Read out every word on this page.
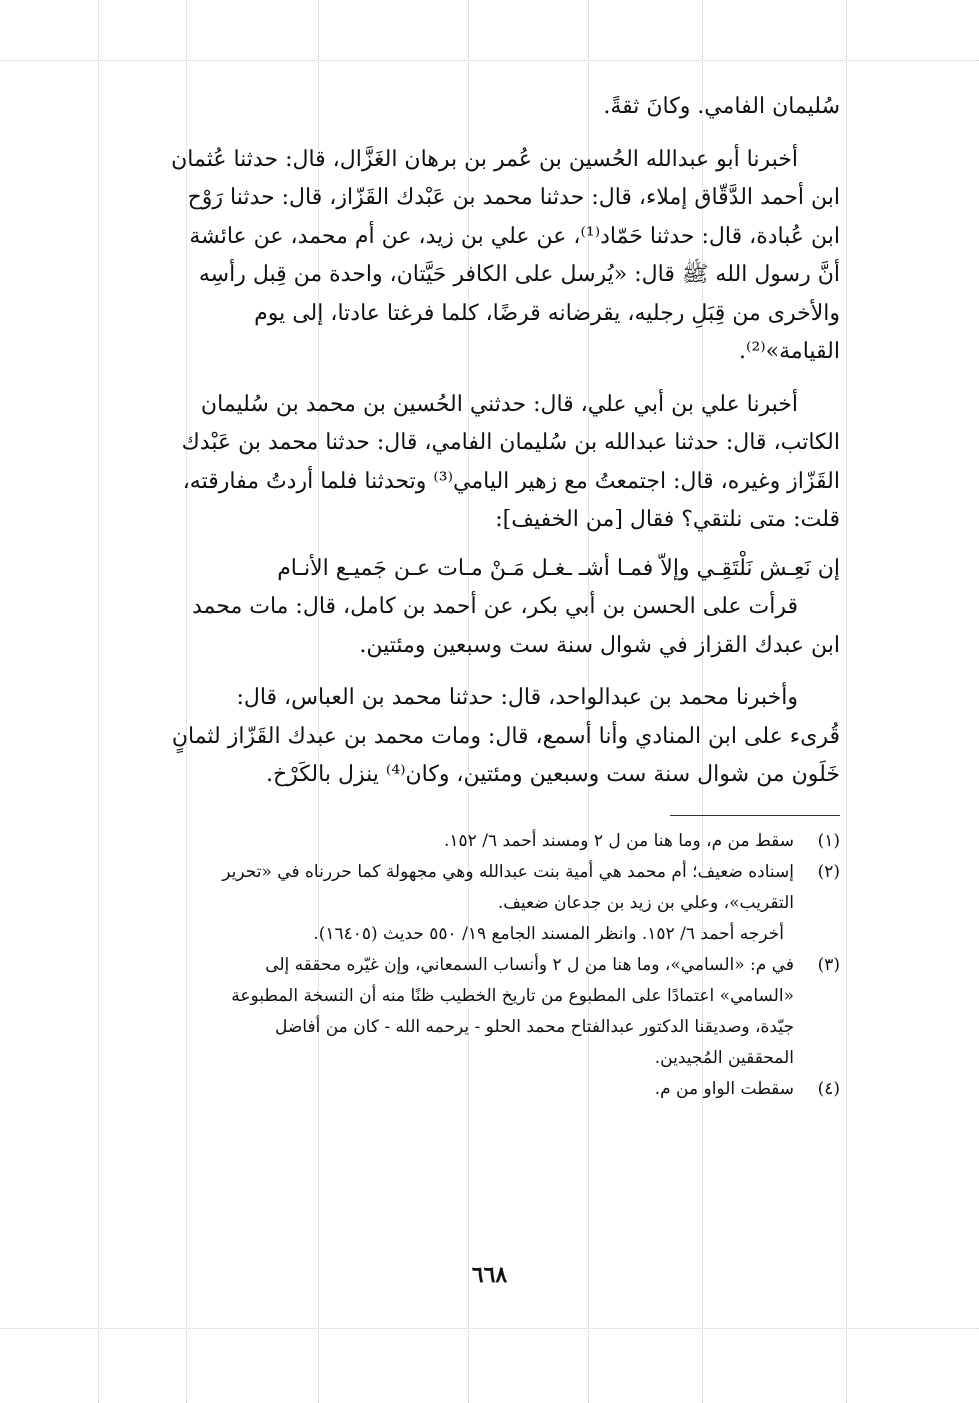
سُليمان الفامي. وكانَ ثقةً.

أخبرنا أبو عبدالله الحُسين بن عُمر بن برهان الغَزَّال، قال: حدثنا عُثمان

ابن أحمد الدَّقّاق إملاء، قال: حدثنا محمد بن عَبْدك القَزّاز، قال: حدثنا رَوْح

ابن عُبادة، قال: حدثنا حَمّاد⁽¹⁾، عن علي بن زيد، عن أم محمد، عن عائشة

أنَّ رسول الله ﷺ قال: «يُرسل على الكافر حَيَّتان، واحدة من قِبل رأسِه

والأخرى من قِبَلِ رجليه، يقرضانه قرضًا، كلما فرغتا عادتا، إلى يوم

القيامة»⁽²⁾.

أخبرنا علي بن أبي علي، قال: حدثني الحُسين بن محمد بن سُليمان

الكاتب، قال: حدثنا عبدالله بن سُليمان الفامي، قال: حدثنا محمد بن عَبْدك

القَزّاز وغيره، قال: اجتمعتُ مع زهير اليامي⁽³⁾ وتحدثنا فلما أردتُ مفارقته،

قلت: متى نلتقي؟ فقال [من الخفيف]:

إن نَعِـش نَلْتَقِـي وإلاّ فمـا أشـ ـغـل مَـنْ مـات عـن جَميـع الأنـام

قرأت على الحسن بن أبي بكر، عن أحمد بن كامل، قال: مات محمد

ابن عبدك القزاز في شوال سنة ست وسبعين ومئتين.

وأخبرنا محمد بن عبدالواحد، قال: حدثنا محمد بن العباس، قال:

قُرىء على ابن المنادي وأنا أسمع، قال: ومات محمد بن عبدك القَزّاز لثمانٍ

خَلَون من شوال سنة ست وسبعين ومئتين، وكان⁽⁴⁾ ينزل بالكَرْخ.

(١)
سقط من م، وما هنا من ل ٢ ومسند أحمد ٦/ ١٥٢.
(٢)
إسناده ضعيف؛ أم محمد هي أمية بنت عبدالله وهي مجهولة كما حررناه في «تحرير
التقريب»، وعلي بن زيد بن جدعان ضعيف.
أخرجه أحمد ٦/ ١٥٢. وانظر المسند الجامع ١٩/ ٥٥٠ حديث (١٦٤٠٥).
(٣)
في م: «السامي»، وما هنا من ل ٢ وأنساب السمعاني، وإن غيّره محققه إلى
«السامي» اعتمادًا على المطبوع من تاريخ الخطيب ظنًا منه أن النسخة المطبوعة
جيّدة، وصديقنا الدكتور عبدالفتاح محمد الحلو - يرحمه الله - كان من أفاضل
المحققين المُجيدين.
(٤)
سقطت الواو من م.
٦٦٨
